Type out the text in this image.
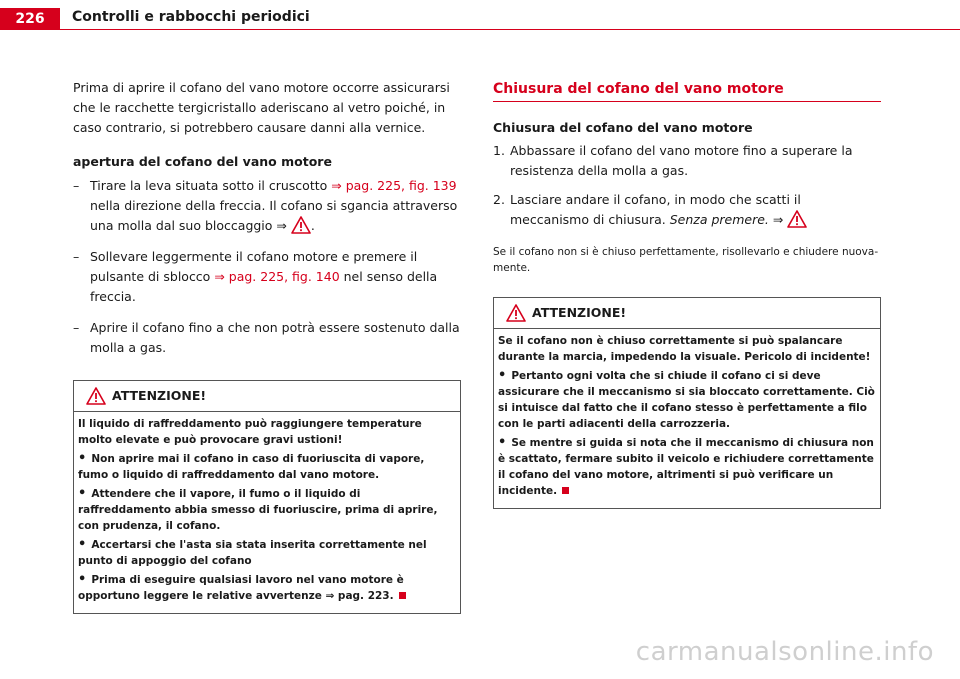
226	Controlli e rabbocchi periodici

Prima di aprire il cofano del vano motore occorre assicurarsi che le racchette tergicristallo aderiscano al vetro poiché, in caso contrario, si potrebbero causare danni alla vernice.

apertura del cofano del vano motore

– Tirare la leva situata sotto il cruscotto ⇒ pag. 225, fig. 139 nella direzione della freccia. Il cofano si sgancia attraverso una molla dal suo bloccaggio ⇒ .
– Sollevare leggermente il cofano motore e premere il pulsante di sblocco ⇒ pag. 225, fig. 140 nel senso della freccia.
– Aprire il cofano fino a che non potrà essere sostenuto dalla molla a gas.
ATTENZIONE!

Il liquido di raffreddamento può raggiungere temperature molto elevate e può provocare gravi ustioni!

• Non aprire mai il cofano in caso di fuoriuscita di vapore, fumo o liquido di raffreddamento dal vano motore.

• Attendere che il vapore, il fumo o il liquido di raffreddamento abbia smesso di fuoriuscire, prima di aprire, con prudenza, il cofano.

• Accertarsi che l'asta sia stata inserita correttamente nel punto di appoggio del cofano

• Prima di eseguire qualsiasi lavoro nel vano motore è opportuno leggere le relative avvertenze ⇒ pag. 223.

Chiusura del cofano del vano motore

Chiusura del cofano del vano motore

1. Abbassare il cofano del vano motore fino a superare la resistenza della molla a gas.
2. Lasciare andare il cofano, in modo che scatti il meccanismo di chiusura. Senza premere. ⇒

Se il cofano non si è chiuso perfettamente, risollevarlo e chiudere nuova- mente.

ATTENZIONE!

Se il cofano non è chiuso correttamente si può spalancare durante la marcia, impedendo la visuale. Pericolo di incidente!

• Pertanto ogni volta che si chiude il cofano ci si deve assicurare che il meccanismo si sia bloccato correttamente. Ciò si intuisce dal fatto che il cofano stesso è perfettamente a filo con le parti adiacenti della carrozzeria.

• Se mentre si guida si nota che il meccanismo di chiusura non è scattato, fermare subito il veicolo e richiudere correttamente il cofano del vano motore, altrimenti si può verificare un incidente.

carmanualsonline.info
